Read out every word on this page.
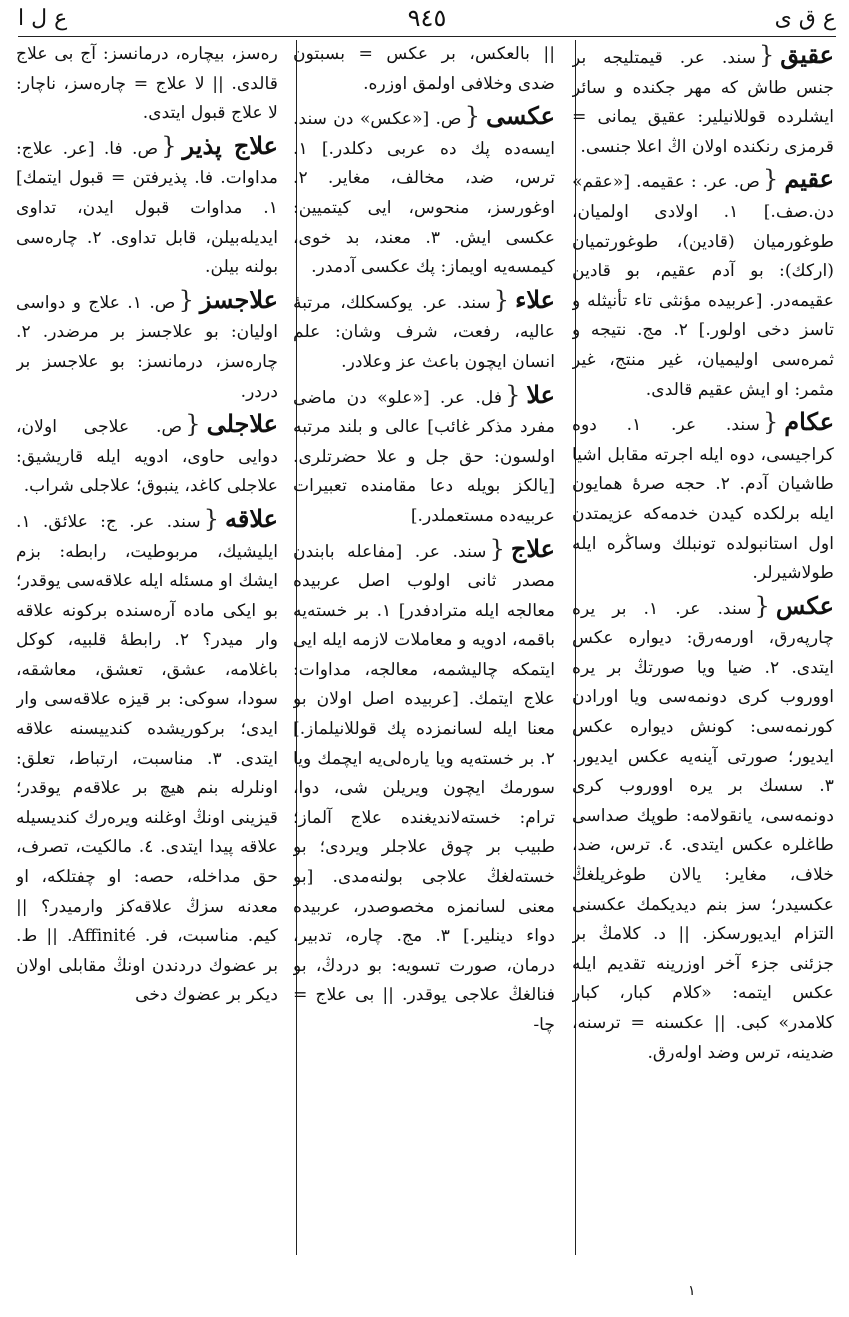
ع ق ى
٩٤٥
ع ل ا

عقيق{سند. عر. قيمتليجه بر جنس طاش كه مهر جكنده و سائر ايشلرده قوللانيلير: عقيق يمانى = قرمزى رنكنده اولان اڭ اعلا جنسى.

عقيم{ص. عر. : عقيمه. [«عقم» دن.صف.] ١. اولادى اولميان، طوغورميان (قادين)، طوغورتميان (اركك): بو آدم عقيم، بو قادين عقيمه‌در. [عربيده مؤنثى تاء تأنيثله و تاسز دخى اولور.] ٢. مج. نتيجه و ثمره‌سى اوليميان، غير منتج، غير مثمر: او ايش عقيم قالدى.

عكام{سند. عر. ١. دوه كراجيسى، دوه ايله اجرته مقابل اشيا طاشيان آدم. ٢. حجه صرهٔ همايون ايله برلكده كيدن خدمه‌كه عزيمتدن اول استانبولده تونبلك وساڭره ايله طولاشيرلر.

عكس{سند. عر. ١. بر يره چارپه‌رق، اورمه‌رق: ديواره عكس ايتدى. ٢. ضيا ويا صورتڭ بر يره اووروب كرى دونمه‌سى ويا اورادن كورنمه‌سى: كونش ديواره عكس ايديور؛ صورتى آينه‌يه عكس ايديور. ٣. سسك بر يره اووروب كرى دونمه‌سى، يانقولامه: طوپك صداسى طاغلره عكس ايتدى. ٤. ترس، ضد، خلاف، مغاير: يالان طوغريلغڭ عكسيدر؛ سز بنم ديديكمك عكسنى التزام ايديورسكز. || د. كلامڭ بر جزئنى جزء آخر اوزرينه تقديم ايله عكس ايتمه: «كلام كبار، كبار كلامدر» كبى. || عكسنه = ترسنه، ضدينه، ترس وضد اوله‌رق.

|| بالعكس، بر عكس = بسبتون ضدى وخلافى اولمق اوزره.

عكسى{ص. [«عكس» دن سند. ايسه‌ده پك ده عربى دكلدر.] ١. ترس، ضد، مخالف، مغاير. ٢. اوغورسز، منحوس، ايى كيتميين: عكسى ايش. ٣. معند، بد خوى، كيمسه‌يه اويماز: پك عكسى آدمدر.

علاء{سند. عر. يوكسكلك، مرتبهٔ عاليه، رفعت، شرف وشان: علم انسان ايچون باعث عز وعلادر.

علا{فل. عر. [«علو» دن ماضى مفرد مذكر غائب] عالى و بلند مرتبه اولسون: حق جل و علا حضرتلرى. [يالكز بويله دعا مقامنده تعبيرات عربيه‌ده مستعملدر.]

علاج{سند. عر. [مفاعله بابندن مصدر ثانى اولوب اصل عربيده معالجه ايله مترادفدر] ١. بر خسته‌يه باقمه، ادويه و معاملات لازمه ايله ايى ايتمكه چاليشمه، معالجه، مداوات: علاج ايتمك. [عربيده اصل اولان بو معنا ايله لسانمزده پك قوللانيلماز.] ٢. بر خسته‌يه ويا يارەلى‌يه ايچمك ويا سورمك ايچون ويريلن شى، دوا، ترام: خسته‌لانديغنده علاج آلماز؛ طبيب بر چوق علاجلر ويردى؛ بو خسته‌لغڭ علاجى بولنه‌مدى. [بو معنى لسانمزه مخصوصدر، عربيده دواء دينلير.] ٣. مج. چاره، تدبير، درمان، صورت تسويه: بو دردڭ، بو فنالغڭ علاجى يوقدر. || بى علاج = چا-

رەسز، بيچاره، درمانسز: آج بى علاج قالدى. || لا علاج = چاره‌سز، ناچار: لا علاج قبول ايتدى.

علاج پذير{ص. فا. [عر. علاج: مداوات. فا. پذيرفتن = قبول ايتمك] ١. مداوات قبول ايدن، تداوى ايديله‌بيلن، قابل تداوى. ٢. چاره‌سى بولنه بيلن.

علاجسز{ص. ١. علاج و دواسى اوليان: بو علاجسز بر مرضدر. ٢. چاره‌سز، درمانسز: بو علاجسز بر دردر.

علاجلى{ص. علاجى اولان، دوايى حاوى، ادويه ايله قاريشيق: علاجلى كاغد، ينبوق؛ علاجلى شراب.

علاقه{سند. عر. ج: علائق. ١. ايليشيك، مربوطيت، رابطه: بزم ايشك او مسئله ايله علاقه‌سى يوقدر؛ بو ايكى ماده آره‌سنده بركونه علاقه وار ميدر؟ ٢. رابطهٔ قلبيه، كوكل باغلامه، عشق، تعشق، معاشقه، سودا، سوكى: بر قيزه علاقه‌سى وار ايدى؛ بركوريشده كندييسنه علاقه ايتدى. ٣. مناسبت، ارتباط، تعلق: اونلرله بنم هيچ بر علاقه‌م يوقدر؛ قيزينى اونڭ اوغلنه ويره‌رك كنديسيله علاقه پيدا ايتدى. ٤. مالكيت، تصرف، حق مداخله، حصه: او چفتلكه، او معدنه سزڭ علاقه‌كز وارميدر؟ || كيم. مناسبت، فر. Affinité. || ط. بر عضوك دردندن اونڭ مقابلى اولان ديكر بر عضوك دخى

١
